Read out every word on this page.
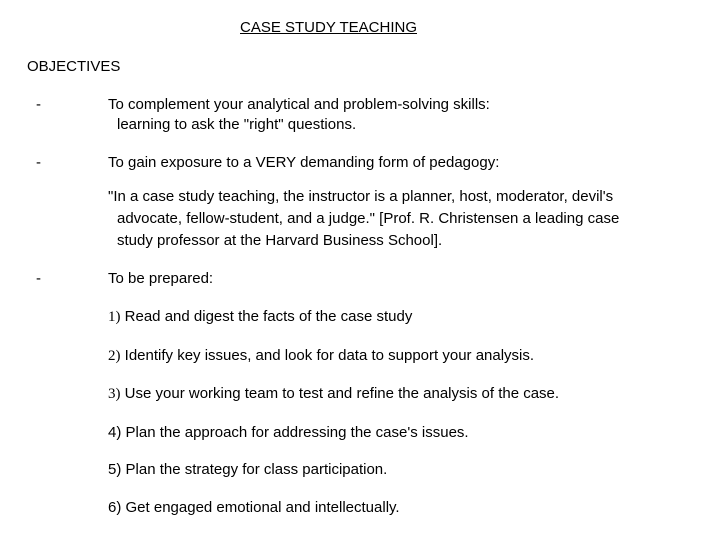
CASE STUDY TEACHING
OBJECTIVES
-	To complement your analytical and problem-solving skills:
learning to ask the "right" questions.
-	To gain exposure to a VERY demanding form of pedagogy:
"In a case study teaching, the instructor is a planner, host, moderator, devil's
advocate, fellow-student, and a judge." [Prof. R. Christensen a leading case
study professor at the Harvard Business School].
-	To be prepared:
1) Read and digest the facts of the case study
2) Identify key issues, and look for data to support your analysis.
3) Use your working team to test and refine the analysis of the case.
4) Plan the approach for addressing the case's issues.
5) Plan the strategy for class participation.
6) Get engaged emotional and intellectually.
